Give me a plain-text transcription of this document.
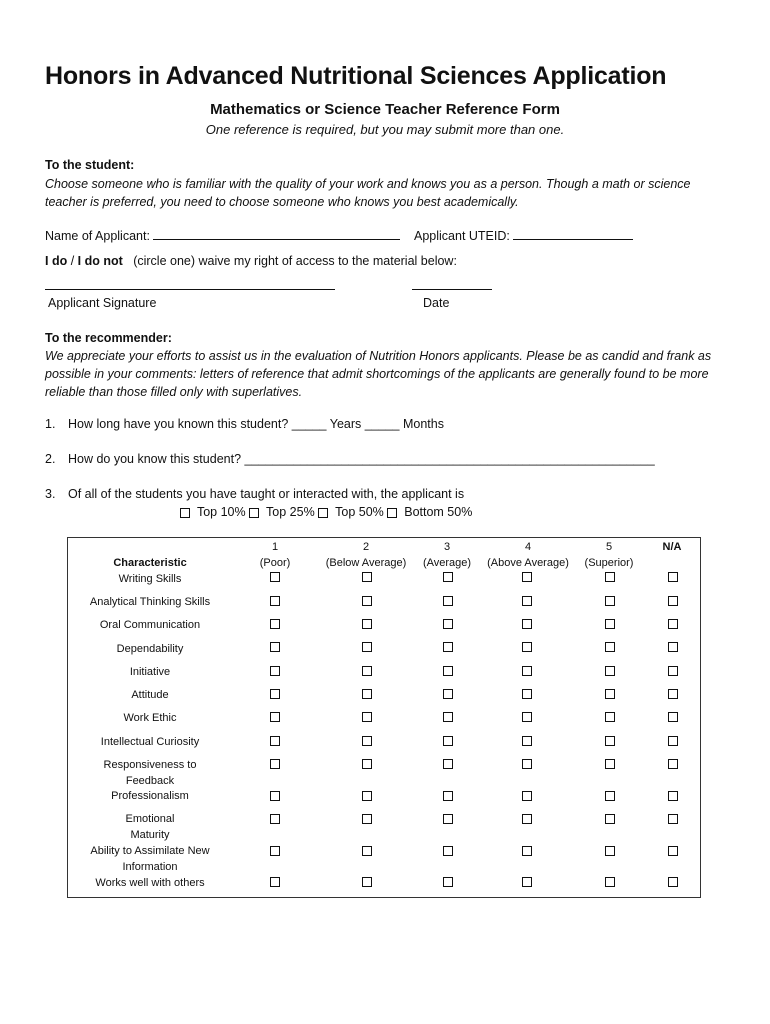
Honors in Advanced Nutritional Sciences Application
Mathematics or Science Teacher Reference Form
One reference is required, but you may submit more than one.
To the student:
Choose someone who is familiar with the quality of your work and knows you as a person. Though a math or science
teacher is preferred, you need to choose someone who knows you best academically.
Name of Applicant:	Applicant UTEID:
I do / I do not (circle one) waive my right of access to the material below:
Applicant Signature	Date
To the recommender:
We appreciate your efforts to assist us in the evaluation of Nutrition Honors applicants. Please be as candid and frank as
possible in your comments: letters of reference that admit shortcomings of the applicants are generally found to be more
reliable than those filled only with superlatives.
1. How long have you known this student? _____ Years _____ Months
2. How do you know this student? ___________________________________________________________
3. Of all of the students you have taught or interacted with, the applicant is
Top 10% Top 25% Top 50% Bottom 50%
1
(Poor)
2
(Below Average)
3
(Average)
4
(Above Average)
5
(Superior)
N/A
Characteristic
Writing Skills
Analytical Thinking Skills
Oral Communication
Dependability
Initiative
Attitude
Work Ethic
Intellectual Curiosity
Responsiveness to Feedback
Professionalism
Emotional Maturity
Ability to Assimilate New Information
Works well with others
